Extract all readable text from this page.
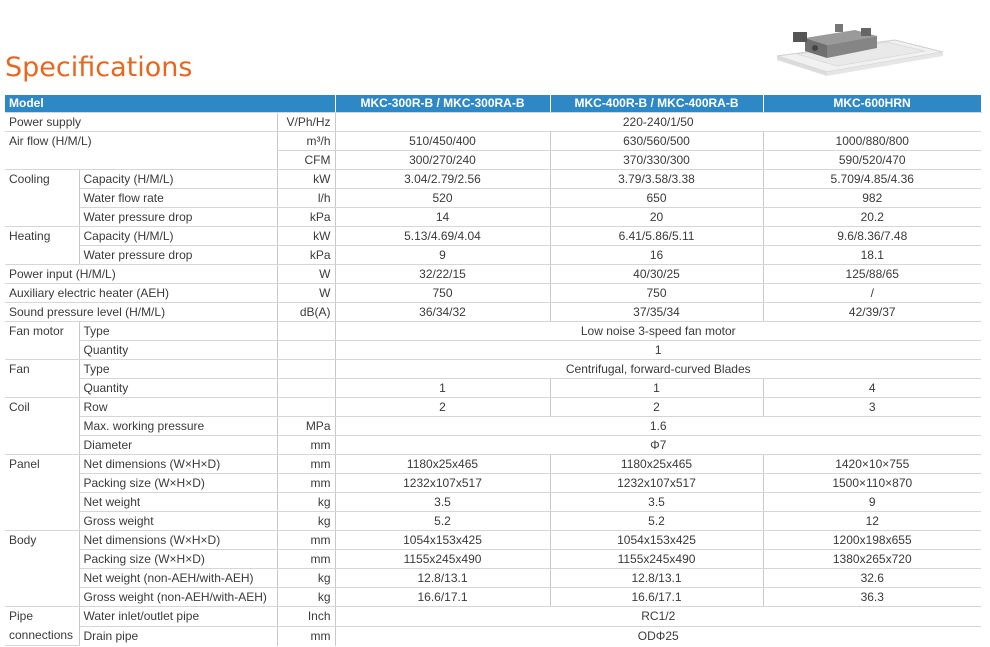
Specifications
Model			MKC-300R-B / MKC-300RA-B	MKC-400R-B / MKC-400RA-B	MKC-600HRN
Power supply		V/Ph/Hz	220-240/1/50		
Air flow (H/M/L)		m³/h	510/450/400	630/560/500	1000/880/800
		CFM	300/270/240	370/330/300	590/520/470
Cooling	Capacity (H/M/L)	kW	3.04/2.79/2.56	3.79/3.58/3.38	5.709/4.85/4.36
	Water flow rate	l/h	520	650	982
	Water pressure drop	kPa	14	20	20.2
Heating	Capacity (H/M/L)	kW	5.13/4.69/4.04	6.41/5.86/5.11	9.6/8.36/7.48
	Water pressure drop	kPa	9	16	18.1
Power input (H/M/L)		W	32/22/15	40/30/25	125/88/65
Auxiliary electric heater (AEH)		W	750	750	/
Sound pressure level (H/M/L)		dB(A)	36/34/32	37/35/34	42/39/37
Fan motor	Type		Low noise 3-speed fan motor		
	Quantity		1		
Fan	Type		Centrifugal, forward-curved Blades		
	Quantity		1	1	4
Coil	Row		2	2	3
	Max. working pressure	MPa	1.6		
	Diameter	mm	Φ7		
Panel	Net dimensions (W×H×D)	mm	1180x25x465	1180x25x465	1420×10×755
	Packing size (W×H×D)	mm	1232x107x517	1232x107x517	1500×110×870
	Net weight	kg	3.5	3.5	9
	Gross weight	kg	5.2	5.2	12
Body	Net dimensions (W×H×D)	mm	1054x153x425	1054x153x425	1200x198x655
	Packing size (W×H×D)	mm	1155x245x490	1155x245x490	1380x265x720
	Net weight (non-AEH/with-AEH)	kg	12.8/13.1	12.8/13.1	32.6
	Gross weight (non-AEH/with-AEH)	kg	16.6/17.1	16.6/17.1	36.3
Pipe connections	Water inlet/outlet pipe	Inch	RC1/2		
	Drain pipe	mm	ODΦ25		
